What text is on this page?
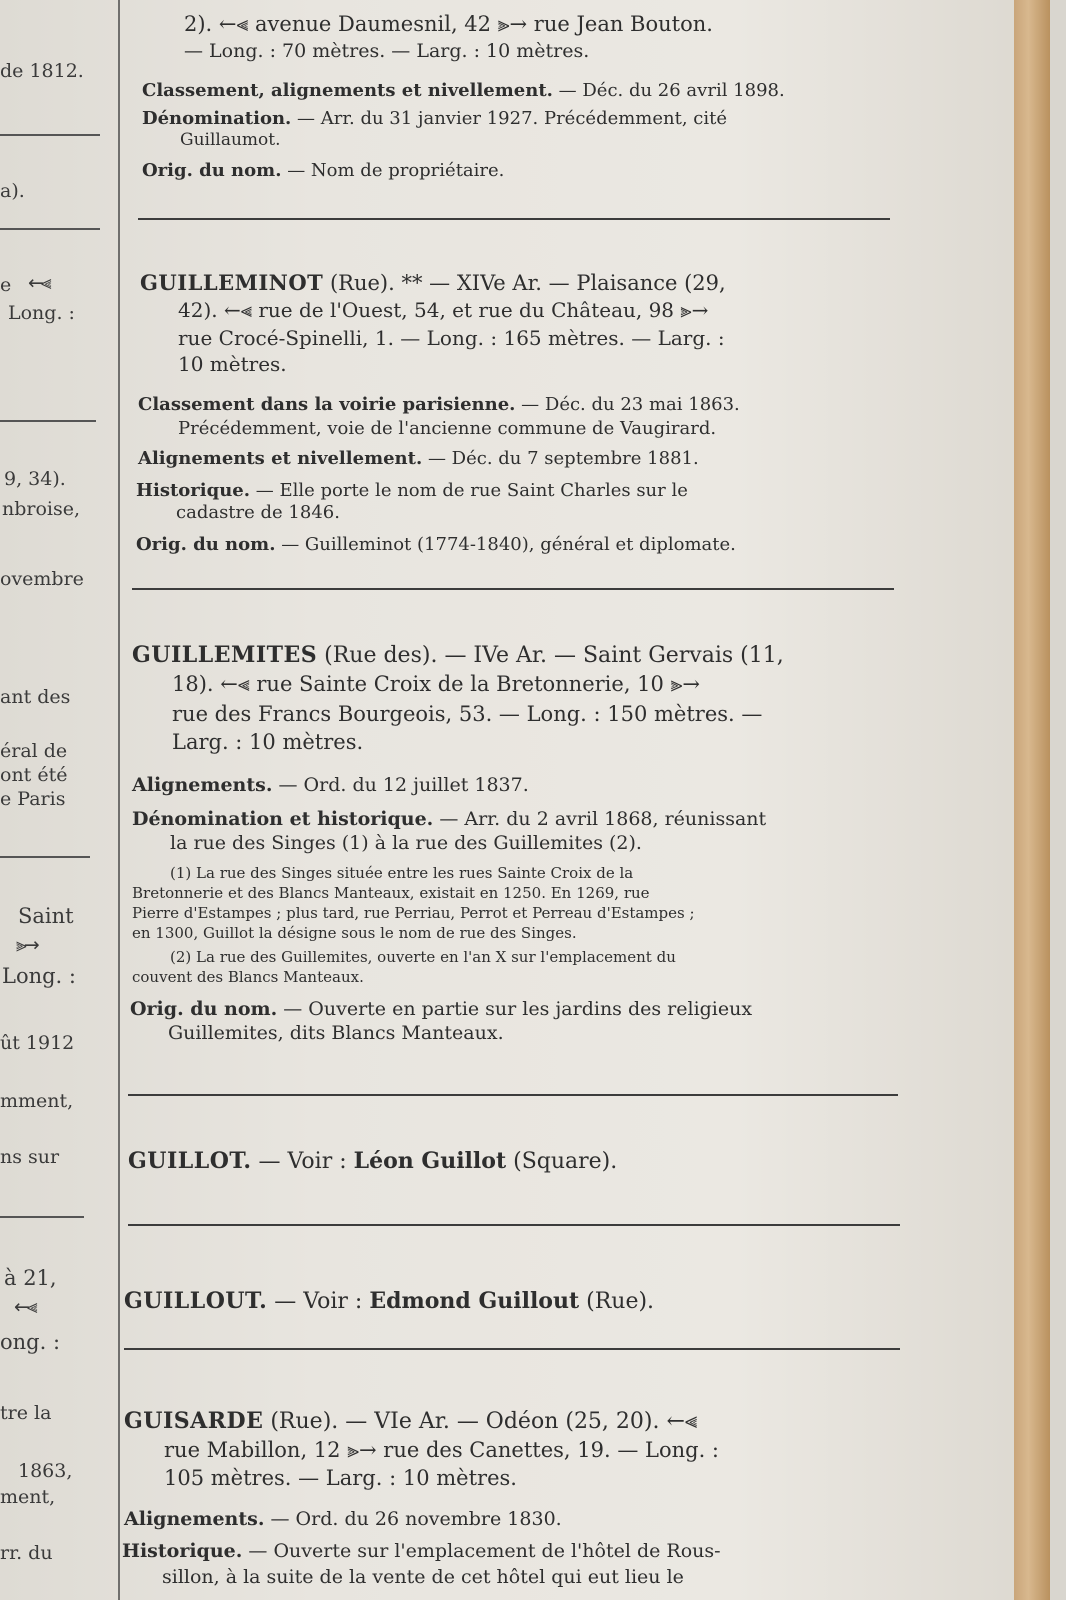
de 1812.
a).
e ←⫷
Long. :
9, 34).
nbroise,
ovembre
ant des
éral de
ont été
e Paris
Saint
⫸→
Long. :
ût 1912
mment,
ns sur
à 21,
←⫷
ong. :
tre la
1863,
ment,
rr. du
2). ←⫷ avenue Daumesnil, 42 ⫸→ rue Jean Bouton.
— Long. : 70 mètres. — Larg. : 10 mètres.
Classement, alignements et nivellement. — Déc. du 26 avril 1898.
Dénomination. — Arr. du 31 janvier 1927. Précédemment, cité
Guillaumot.
Orig. du nom. — Nom de propriétaire.
GUILLEMINOT (Rue). ** — XIVe Ar. — Plaisance (29,
42). ←⫷ rue de l'Ouest, 54, et rue du Château, 98 ⫸→
rue Crocé-Spinelli, 1. — Long. : 165 mètres. — Larg. :
10 mètres.
Classement dans la voirie parisienne. — Déc. du 23 mai 1863.
Précédemment, voie de l'ancienne commune de Vaugirard.
Alignements et nivellement. — Déc. du 7 septembre 1881.
Historique. — Elle porte le nom de rue Saint Charles sur le
cadastre de 1846.
Orig. du nom. — Guilleminot (1774-1840), général et diplomate.
GUILLEMITES (Rue des). — IVe Ar. — Saint Gervais (11,
18). ←⫷ rue Sainte Croix de la Bretonnerie, 10 ⫸→
rue des Francs Bourgeois, 53. — Long. : 150 mètres. —
Larg. : 10 mètres.
Alignements. — Ord. du 12 juillet 1837.
Dénomination et historique. — Arr. du 2 avril 1868, réunissant
la rue des Singes (1) à la rue des Guillemites (2).
(1) La rue des Singes située entre les rues Sainte Croix de la
Bretonnerie et des Blancs Manteaux, existait en 1250. En 1269, rue
Pierre d'Estampes ; plus tard, rue Perriau, Perrot et Perreau d'Estampes ;
en 1300, Guillot la désigne sous le nom de rue des Singes.
(2) La rue des Guillemites, ouverte en l'an X sur l'emplacement du
couvent des Blancs Manteaux.
Orig. du nom. — Ouverte en partie sur les jardins des religieux
Guillemites, dits Blancs Manteaux.
GUILLOT. — Voir : Léon Guillot (Square).
GUILLOUT. — Voir : Edmond Guillout (Rue).
GUISARDE (Rue). — VIe Ar. — Odéon (25, 20). ←⫷
rue Mabillon, 12 ⫸→ rue des Canettes, 19. — Long. :
105 mètres. — Larg. : 10 mètres.
Alignements. — Ord. du 26 novembre 1830.
Historique. — Ouverte sur l'emplacement de l'hôtel de Rous-
sillon, à la suite de la vente de cet hôtel qui eut lieu le
